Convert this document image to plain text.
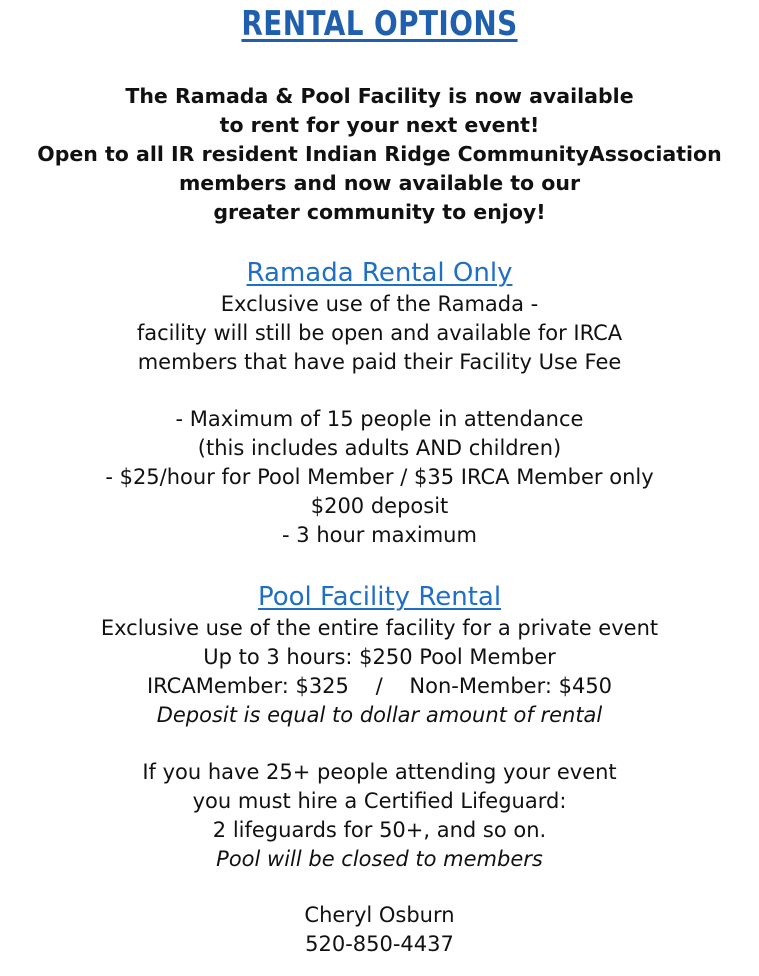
RENTAL OPTIONS
The Ramada & Pool Facility is now available
to rent for your next event!
Open to all IR resident Indian Ridge CommunityAssociation
members and now available to our
greater community to enjoy!
Ramada Rental Only
Exclusive use of the Ramada -
facility will still be open and available for IRCA
members that have paid their Facility Use Fee
- Maximum of 15 people in attendance
(this includes adults AND children)
- $25/hour for Pool Member / $35 IRCA Member only
$200 deposit
- 3 hour maximum
Pool Facility Rental
Exclusive use of the entire facility for a private event
Up to 3 hours: $250 Pool Member
IRCAMember: $325    /    Non-Member: $450
Deposit is equal to dollar amount of rental
If you have 25+ people attending your event
you must hire a Certified Lifeguard:
2 lifeguards for 50+, and so on.
Pool will be closed to members
Cheryl Osburn
520-850-4437
